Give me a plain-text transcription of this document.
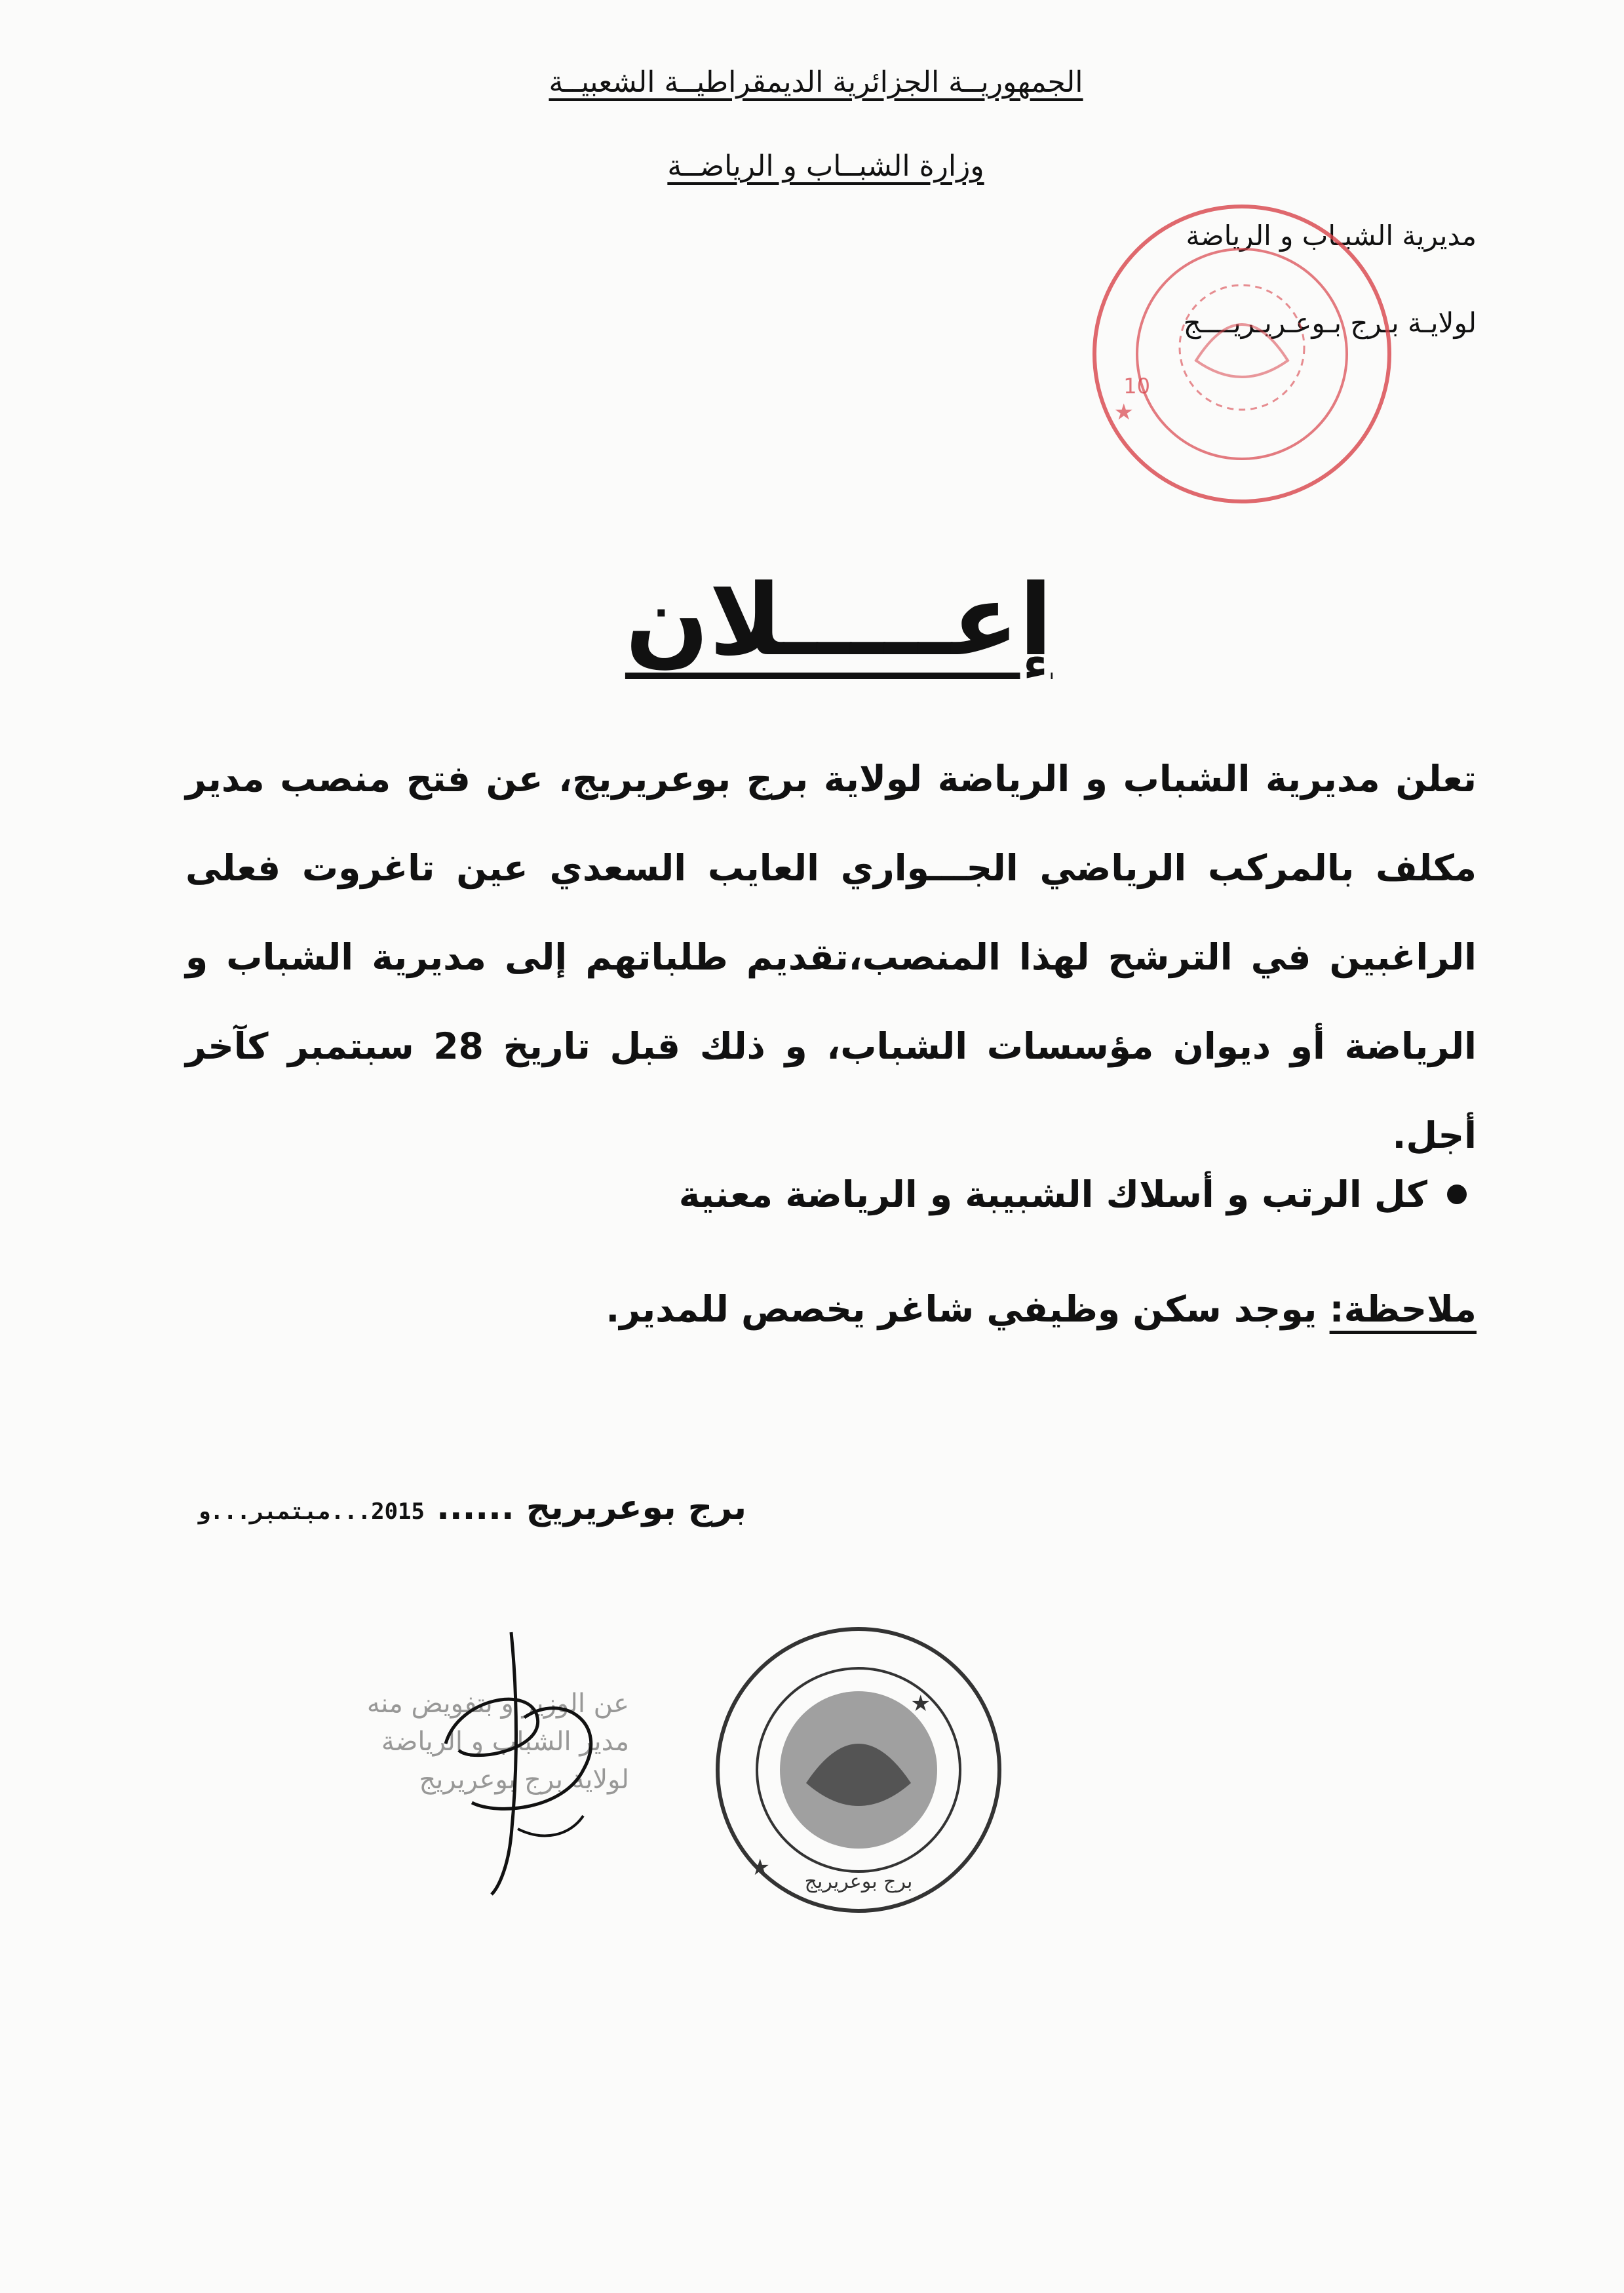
الجمهوريــة الجزائرية الديمقراطيــة الشعبيــة
وزارة الشبــاب و الرياضــة
مديرية الشبـاب و الرياضة
لولايـة بـرج بـوعـريـريــــج
10
★
إعـــــلان
تعلن مديرية الشباب و الرياضة لولاية برج بوعريريج، عن فتح منصب مدير مكلف بالمركب الرياضي الجـــواري العايب السعدي عين تاغروت فعلى الراغبين في الترشح لهذا المنصب،تقديم طلباتهم إلى مديرية الشباب و الرياضة أو ديوان مؤسسات الشباب، و ذلك قبل تاريخ 28 سبتمبر كآخر أجل.
كل الرتب و أسلاك الشبيبة و الرياضة معنية
ملاحظة: يوجد سكن وظيفي شاغر يخصص للمدير.
برج بوعريريج ...... 2015...مبتمبر...و
عن الوزير و بتفويض منه
مدير الشباب و الرياضة
لولاية برج بوعريريج
برج بوعريريج
★
★
